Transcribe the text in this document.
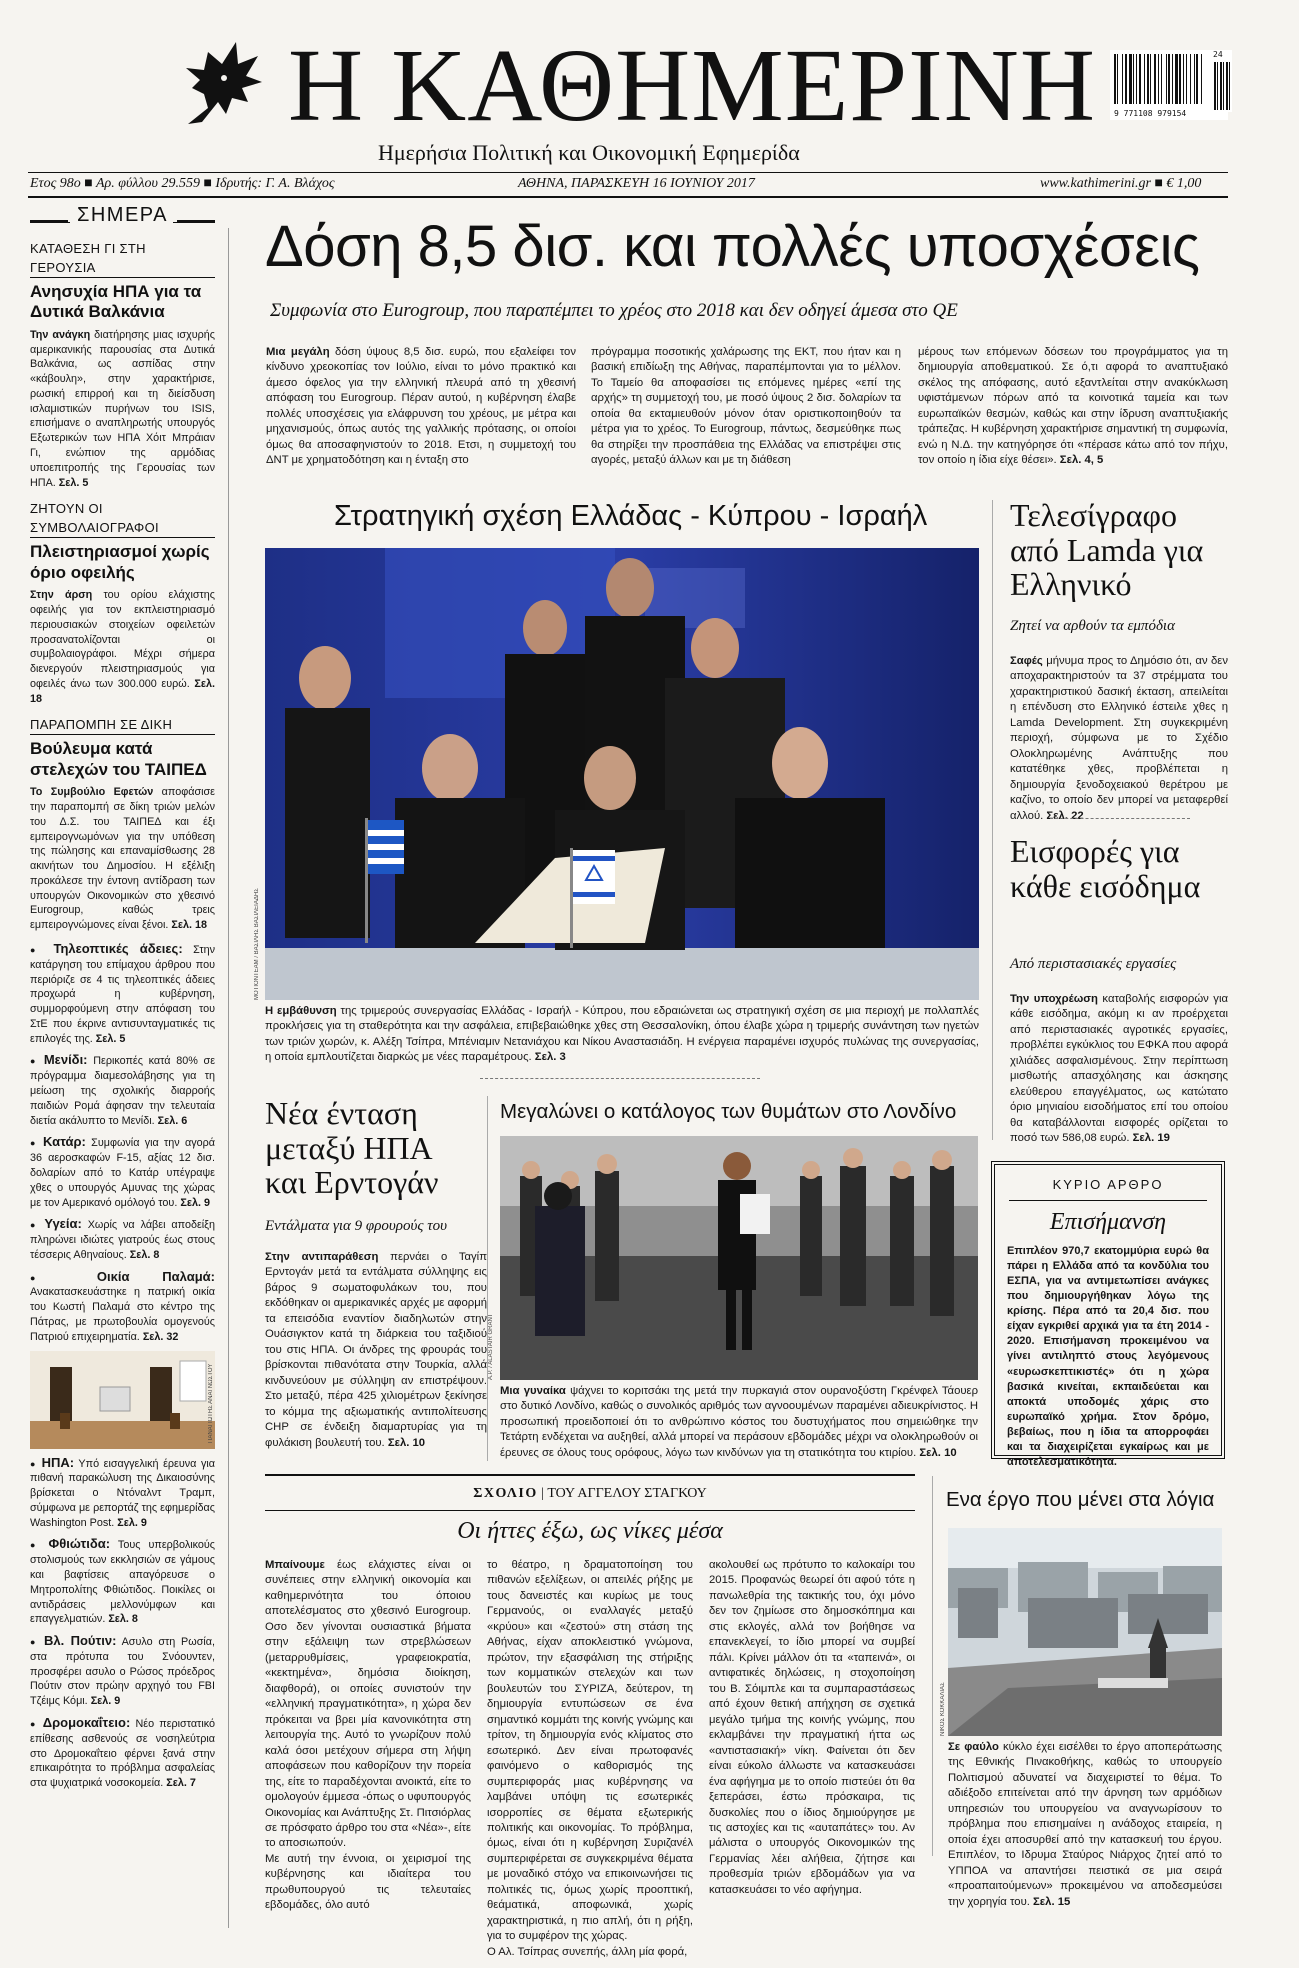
Η ΚΑΘΗΜΕΡΙΝΗ
Ημερήσια Πολιτική και Οικονομική Εφημερίδα
9 771108 979154
24
Ετος 98ο ■ Αρ. φύλλου 29.559 ■ Ιδρυτής: Γ. Α. Βλάχος	ΑΘΗΝΑ, ΠΑΡΑΣΚΕΥΗ 16 ΙΟΥΝΙΟΥ 2017	www.kathimerini.gr ■ € 1,00
ΣΗΜΕΡΑ
ΚΑΤΑΘΕΣΗ ΓΙ ΣΤΗ ΓΕΡΟΥΣΙΑ
Ανησυχία ΗΠΑ για τα Δυτικά Βαλκάνια
Την ανάγκη διατήρησης μιας ισχυρής αμερικανικής παρουσίας στα Δυτικά Βαλκάνια, ως ασπίδας στην «κάβουλη», στην χαρακτήρισε, ρωσική επιρροή και τη διείσδυση ισλαμιστικών πυρήνων του ISIS, επισήμανε ο αναπληρωτής υπουργός Εξωτερικών των ΗΠΑ Χόιτ Μπράιαν Γι, ενώπιον της αρμόδιας υποεπιτροπής της Γερουσίας των ΗΠΑ. Σελ. 5
ΖΗΤΟΥΝ ΟΙ ΣΥΜΒΟΛΑΙΟΓΡΑΦΟΙ
Πλειστηριασμοί χωρίς όριο οφειλής
Στην άρση του ορίου ελάχιστης οφειλής για τον εκπλειστηριασμό περιουσιακών στοιχείων οφειλετών προσανατολίζονται οι συμβολαιογράφοι. Μέχρι σήμερα διενεργούν πλειστηριασμούς για οφειλές άνω των 300.000 ευρώ. Σελ. 18
ΠΑΡΑΠΟΜΠΗ ΣΕ ΔΙΚΗ
Βούλευμα κατά στελεχών του ΤΑΙΠΕΔ
Το Συμβούλιο Εφετών αποφάσισε την παραπομπή σε δίκη τριών μελών του Δ.Σ. του ΤΑΙΠΕΔ και έξι εμπειρογνωμόνων για την υπόθεση της πώλησης και επαναμίσθωσης 28 ακινήτων του Δημοσίου. Η εξέλιξη προκάλεσε την έντονη αντίδραση των υπουργών Οικονομικών στο χθεσινό Eurogroup, καθώς τρεις εμπειρογνώμονες είναι ξένοι. Σελ. 18
● Τηλεοπτικές άδειες: Στην κατάργηση του επίμαχου άρθρου που περιόριζε σε 4 τις τηλεοπτικές άδειες προχωρά η κυβέρνηση, συμμορφούμενη στην απόφαση του ΣτΕ που έκρινε αντισυνταγματικές τις επιλογές της. Σελ. 5
● Μενίδι: Περικοπές κατά 80% σε πρόγραμμα διαμεσολάβησης για τη μείωση της σχολικής διαρροής παιδιών Ρομά άφησαν την τελευταία διετία ακάλυπτο το Μενίδι. Σελ. 6
● Κατάρ: Συμφωνία για την αγορά 36 αεροσκαφών F-15, αξίας 12 δισ. δολαρίων από το Κατάρ υπέγραψε χθες ο υπουργός Αμυνας της χώρας με τον Αμερικανό ομόλογό του. Σελ. 9
● Υγεία: Χωρίς να λάβει αποδείξη πληρώνει ιδιώτες γιατρούς έως στους τέσσερις Αθηναίους. Σελ. 8
● Οικία Παλαμά: Ανακατασκευάστηκε η πατρική οικία του Κωστή Παλαμά στο κέντρο της Πάτρας, με πρωτοβουλία ομογενούς Πατριού επιχειρηματία. Σελ. 32
ΠΑΝΑΓΙΩΤΗΣ ΑΝΑΓΝΩΣΤΟΥ
● ΗΠΑ: Υπό εισαγγελική έρευνα για πιθανή παρακώλυση της Δικαιοσύνης βρίσκεται ο Ντόναλντ Τραμπ, σύμφωνα με ρεπορτάζ της εφημερίδας Washington Post. Σελ. 9
● Φθιώτιδα: Τους υπερβολικούς στολισμούς των εκκλησιών σε γάμους και βαφτίσεις απαγόρευσε ο Μητροπολίτης Φθιώτιδος. Ποικίλες οι αντιδράσεις μελλονύμφων και επαγγελματιών. Σελ. 8
● Βλ. Πούτιν: Ασυλο στη Ρωσία, στα πρότυπα του Σνόουντεν, προσφέρει ασυλο ο Ρώσος πρόεδρος Πούτιν στον πρώην αρχηγό του FBI Τζέιμς Κόμι. Σελ. 9
● Δρομοκαΐτειο: Νέο περιστατικό επίθεσης ασθενούς σε νοσηλεύτρια στο Δρομοκαΐτειο φέρνει ξανά στην επικαιρότητα το πρόβλημα ασφαλείας στα ψυχιατρικά νοσοκομεία. Σελ. 7
Δόση 8,5 δισ. και πολλές υποσχέσεις
Συμφωνία στο Eurogroup, που παραπέμπει το χρέος στο 2018 και δεν οδηγεί άμεσα στο QE
Μια μεγάλη δόση ύψους 8,5 δισ. ευρώ, που εξαλείφει τον κίνδυνο χρεοκοπίας τον Ιούλιο, είναι το μόνο πρακτικό και άμεσο όφελος για την ελληνική πλευρά από τη χθεσινή απόφαση του Eurogroup. Πέραν αυτού, η κυβέρνηση έλαβε πολλές υποσχέσεις για ελάφρυνση του χρέους, με μέτρα και μηχανισμούς, όπως αυτός της γαλλικής πρότασης, οι οποίοι όμως θα αποσαφηνιστούν το 2018. Ετσι, η συμμετοχή του ΔΝΤ με χρηματοδότηση και η ένταξη στο
πρόγραμμα ποσοτικής χαλάρωσης της ΕΚΤ, που ήταν και η βασική επιδίωξη της Αθήνας, παραπέμπονται για το μέλλον. Το Ταμείο θα αποφασίσει τις επόμενες ημέρες «επί της αρχής» τη συμμετοχή του, με ποσό ύψους 2 δισ. δολαρίων τα οποία θα εκταμιευθούν μόνον όταν οριστικοποιηθούν τα μέτρα για το χρέος. Το Eurogroup, πάντως, δεσμεύθηκε πως θα στηρίξει την προσπάθεια της Ελλάδας να επιστρέψει στις αγορές, μεταξύ άλλων και με τη διάθεση
μέρους των επόμενων δόσεων του προγράμματος για τη δημιουργία αποθεματικού. Σε ό,τι αφορά το αναπτυξιακό σκέλος της απόφασης, αυτό εξαντλείται στην ανακύκλωση υφιστάμενων πόρων από τα κοινοτικά ταμεία και των ευρωπαϊκών θεσμών, καθώς και στην ίδρυση αναπτυξιακής τράπεζας. Η κυβέρνηση χαρακτήρισε σημαντική τη συμφωνία, ενώ η Ν.Δ. την κατηγόρησε ότι «πέρασε κάτω από τον πήχυ, τον οποίο η ίδια είχε θέσει». Σελ. 4, 5
Στρατηγική σχέση Ελλάδας - Κύπρου - Ισραήλ
ΜΟΤΙΟΝΤΕΑΜ / ΒΑΣΙΛΗΣ ΒΑΣΙΛΕΙΑΔΗΣ
Η εμβάθυνση της τριμερούς συνεργασίας Ελλάδας - Ισραήλ - Κύπρου, που εδραιώνεται ως στρατηγική σχέση σε μια περιοχή με πολλαπλές προκλήσεις για τη σταθερότητα και την ασφάλεια, επιβεβαιώθηκε χθες στη Θεσσαλονίκη, όπου έλαβε χώρα η τριμερής συνάντηση των ηγετών των τριών χωρών, κ. Αλέξη Τσίπρα, Μπένιαμιν Νετανιάχου και Νίκου Αναστασιάδη. Η ενέργεια παραμένει ισχυρός πυλώνας της συνεργασίας, η οποία εμπλουτίζεται διαρκώς με νέες παραμέτρους. Σελ. 3
Τελεσίγραφο από Lamda για Ελληνικό
Ζητεί να αρθούν τα εμπόδια
Σαφές μήνυμα προς το Δημόσιο ότι, αν δεν αποχαρακτηριστούν τα 37 στρέμματα του χαρακτηριστικού δασική έκταση, απειλείται η επένδυση στο Ελληνικό έστειλε χθες η Lamda Development. Στη συγκεκριμένη περιοχή, σύμφωνα με το Σχέδιο Ολοκληρωμένης Ανάπτυξης που κατατέθηκε χθες, προβλέπεται η δημιουργία ξενοδοχειακού θερέτρου με καζίνο, το οποίο δεν μπορεί να μεταφερθεί αλλού. Σελ. 22
Εισφορές για κάθε εισόδημα
Από περιστασιακές εργασίες
Την υποχρέωση καταβολής εισφορών για κάθε εισόδημα, ακόμη κι αν προέρχεται από περιστασιακές αγροτικές εργασίες, προβλέπει εγκύκλιος του ΕΦΚΑ που αφορά χιλιάδες ασφαλισμένους. Στην περίπτωση μισθωτής απασχόλησης και άσκησης ελεύθερου επαγγέλματος, ως κατώτατο όριο μηνιαίου εισοδήματος επί του οποίου θα καταβάλλονται εισφορές ορίζεται το ποσό των 586,08 ευρώ. Σελ. 19
ΚΥΡΙΟ ΑΡΘΡΟ
Επισήμανση
Επιπλέον 970,7 εκατομμύρια ευρώ θα πάρει η Ελλάδα από τα κονδύλια του ΕΣΠΑ, για να αντιμετωπίσει ανάγκες που δημιουργήθηκαν λόγω της κρίσης. Πέρα από τα 20,4 δισ. που είχαν εγκριθεί αρχικά για τα έτη 2014 - 2020. Επισήμανση προκειμένου να γίνει αντιληπτό στους λεγόμενους «ευρωσκεπτικιστές» ότι η χώρα βασικά κινείται, εκπαιδεύεται και αποκτά υποδομές χάρις στο ευρωπαϊκό χρήμα. Στον δρόμο, βεβαίως, που η ίδια τα απορροφάει και τα διαχειρίζεται εγκαίρως και με αποτελεσματικότητα.
Νέα ένταση μεταξύ ΗΠΑ και Ερντογάν
Εντάλματα για 9 φρουρούς του
Στην αντιπαράθεση περνάει ο Ταγίπ Ερντογάν μετά τα εντάλματα σύλληψης εις βάρος 9 σωματοφυλάκων του, που εκδόθηκαν οι αμερικανικές αρχές με αφορμή τα επεισόδια εναντίον διαδηλωτών στην Ουάσιγκτον κατά τη διάρκεια του ταξιδιού του στις ΗΠΑ. Οι άνδρες της φρουράς του βρίσκονται πιθανότατα στην Τουρκία, αλλά κινδυνεύουν με σύλληψη αν επιστρέψουν. Στο μεταξύ, πέρα 425 χιλιομέτρων ξεκίνησε το κόμμα της αξιωματικής αντιπολίτευσης CHP σε ένδειξη διαμαρτυρίας για τη φυλάκιση βουλευτή του. Σελ. 10
Μεγαλώνει ο κατάλογος των θυμάτων στο Λονδίνο
A.P. / ALASTAIR GRANT
Μια γυναίκα ψάχνει το κοριτσάκι της μετά την πυρκαγιά στον ουρανοξύστη Γκρένφελ Τάουερ στο δυτικό Λονδίνο, καθώς ο συνολικός αριθμός των αγνοουμένων παραμένει αδιευκρίνιστος. Η προσωπική προειδοποιεί ότι το ανθρώπινο κόστος του δυστυχήματος που σημειώθηκε την Τετάρτη ενδέχεται να αυξηθεί, αλλά μπορεί να περάσουν εβδομάδες μέχρι να ολοκληρωθούν οι έρευνες σε όλους τους ορόφους, λόγω των κινδύνων για τη στατικότητα του κτιρίου. Σελ. 10
ΣΧΟΛΙΟ | ΤΟΥ ΑΓΓΕΛΟΥ ΣΤΑΓΚΟΥ
Οι ήττες έξω, ως νίκες μέσα
Μπαίνουμε έως ελάχιστες είναι οι συνέπειες στην ελληνική οικονομία και καθημερινότητα του όποιου αποτελέσματος στο χθεσινό Eurogroup. Οσο δεν γίνονται ουσιαστικά βήματα στην εξάλειψη των στρεβλώσεων (μεταρρυθμίσεις, γραφειοκρατία, «κεκτημένα», δημόσια διοίκηση, διαφθορά), οι οποίες συνιστούν την «ελληνική πραγματικότητα», η χώρα δεν πρόκειται να βρει μία κανονικότητα στη λειτουργία της. Αυτό το γνωρίζουν πολύ καλά όσοι μετέχουν σήμερα στη λήψη αποφάσεων που καθορίζουν την πορεία της, είτε το παραδέχονται ανοικτά, είτε το ομολογούν έμμεσα -όπως ο υφυπουργός Οικονομίας και Ανάπτυξης Στ. Πιτσιόρλας σε πρόσφατο άρθρο του στα «Νέα»-, είτε το αποσιωπούν.
Με αυτή την έννοια, οι χειρισμοί της κυβέρνησης και ιδιαίτερα του πρωθυπουργού τις τελευταίες εβδομάδες, όλο αυτό
το θέατρο, η δραματοποίηση του πιθανών εξελίξεων, οι απειλές ρήξης με τους δανειστές και κυρίως με τους Γερμανούς, οι εναλλαγές μεταξύ «κρύου» και «ζεστού» στη στάση της Αθήνας, είχαν αποκλειστικό γνώμονα, πρώτον, την εξασφάλιση της στήριξης των κομματικών στελεχών και των βουλευτών του ΣΥΡΙΖΑ, δεύτερον, τη δημιουργία εντυπώσεων σε ένα σημαντικό κομμάτι της κοινής γνώμης και τρίτον, τη δημιουργία ενός κλίματος στο εσωτερικό. Δεν είναι πρωτοφανές φαινόμενο ο καθορισμός της συμπεριφοράς μιας κυβέρνησης να λαμβάνει υπόψη τις εσωτερικές ισορροπίες σε θέματα εξωτερικής πολιτικής και οικονομίας. Το πρόβλημα, όμως, είναι ότι η κυβέρνηση Συριζανέλ συμπεριφέρεται σε συγκεκριμένα θέματα με μοναδικό στόχο να επικοινωνήσει τις πολιτικές τις, όμως χωρίς προοπτική, θεάματικά, αποφωνικά, χωρίς χαρακτηριστικά, η πιο απλή, ότι η ρήξη, για το συμφέρον της χώρας.
Ο Αλ. Τσίπρας συνεπής, άλλη μία φορά,
ακολουθεί ως πρότυπο το καλοκαίρι του 2015. Προφανώς θεωρεί ότι αφού τότε η πανωλεθρία της τακτικής του, όχι μόνο δεν τον ζημίωσε στο δημοσκόπημα και στις εκλογές, αλλά τον βοήθησε να επανεκλεγεί, το ίδιο μπορεί να συμβεί πάλι. Κρίνει μάλλον ότι τα «ταπεινά», οι αντιφατικές δηλώσεις, η στοχοποίηση του Β. Σόιμπλε και τα συμπαραστάσεως από έχουν θετική απήχηση σε σχετικά μεγάλο τμήμα της κοινής γνώμης, που εκλαμβάνει την πραγματική ήττα ως «αντιστασιακή» νίκη. Φαίνεται ότι δεν είναι εύκολο άλλωστε να κατασκευάσει ένα αφήγημα με το οποίο πιστεύει ότι θα ξεπεράσει, έστω πρόσκαιρα, τις δυσκολίες που ο ίδιος δημιούργησε με τις αστοχίες και τις «αυταπάτες» του. Αν μάλιστα ο υπουργός Οικονομικών της Γερμανίας λέει αλήθεια, ζήτησε και προθεσμία τριών εβδομάδων για να κατασκευάσει το νέο αφήγημα.
Ενα έργο που μένει στα λόγια
ΝΙΚΟΣ ΚΟΚΚΑΛΙΑΣ
Σε φαύλο κύκλο έχει εισέλθει το έργο αποπεράτωσης της Εθνικής Πινακοθήκης, καθώς το υπουργείο Πολιτισμού αδυνατεί να διαχειριστεί το θέμα. Το αδιέξοδο επιτείνεται από την άρνηση των αρμόδιων υπηρεσιών του υπουργείου να αναγνωρίσουν το πρόβλημα που επισημαίνει η ανάδοχος εταιρεία, η οποία έχει αποσυρθεί από την κατασκευή του έργου. Επιπλέον, το Ιδρυμα Σταύρος Νιάρχος ζητεί από το ΥΠΠΟΑ να απαντήσει πειστικά σε μια σειρά «προαπαιτούμενων» προκειμένου να αποδεσμεύσει την χορηγία του. Σελ. 15
